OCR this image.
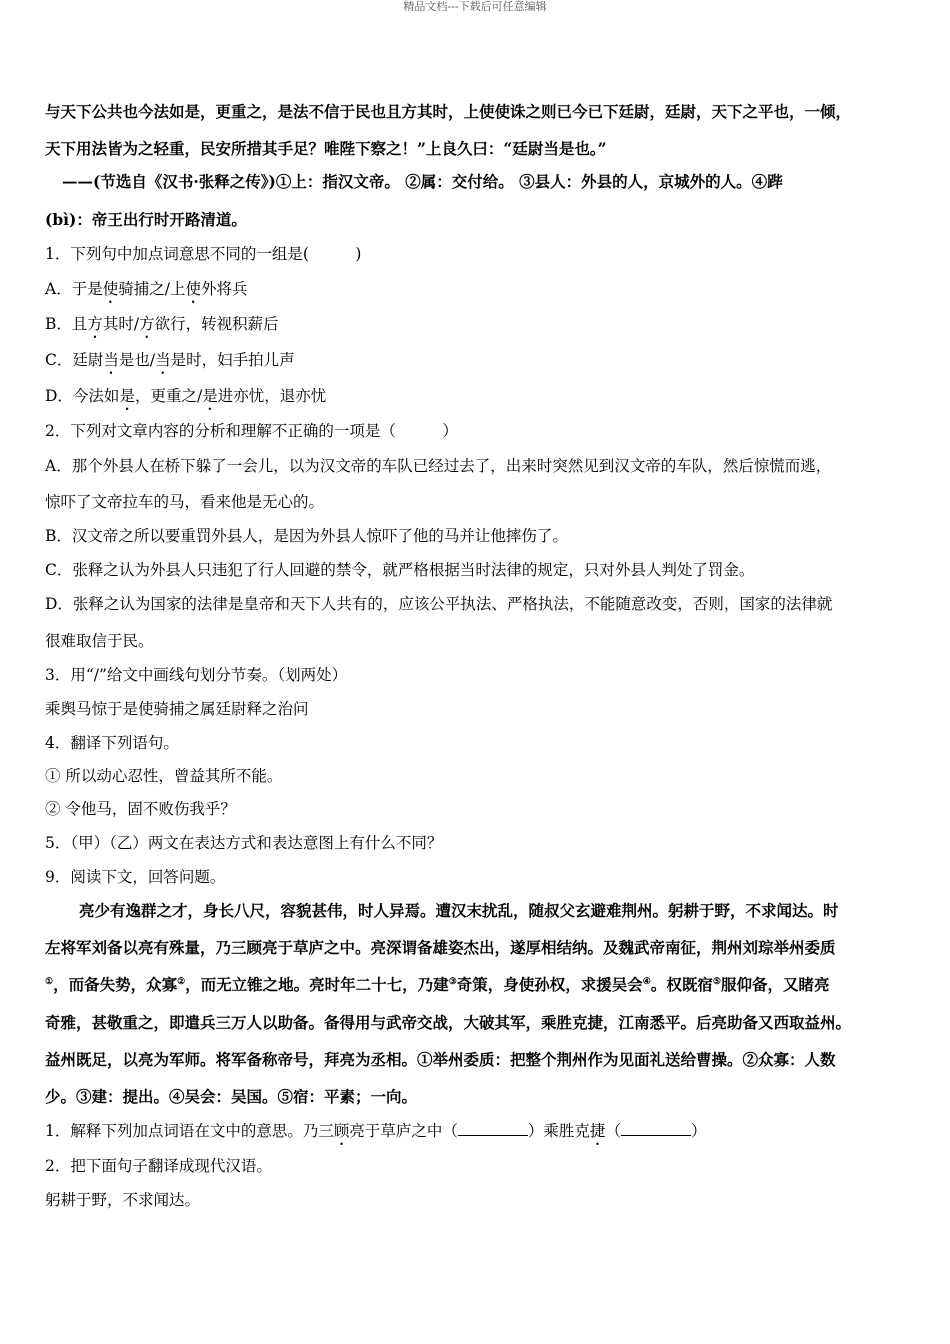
精品文档---下载后可任意编辑
与天下公共也今法如是，更重之，是法不信于民也且方其时，上使使诛之则已今已下廷尉，廷尉，天下之平也，一倾，
天下用法皆为之轻重，民安所措其手足？唯陛下察之！”上良久曰：“廷尉当是也。”
——(节选自《汉书·张释之传》)①上：指汉文帝。 ②属：交付给。 ③县人：外县的人，京城外的人。④跸
(bì)：帝王出行时开路清道。
1．下列句中加点词意思不同的一组是(　　　)
A．于是使骑捕之/上使外将兵
B．且方其时/方欲行，转视积薪后
C．廷尉当是也/当是时，妇手拍儿声
D．今法如是，更重之/是进亦忧，退亦忧
2．下列对文章内容的分析和理解不正确的一项是（　　　）
A．那个外县人在桥下躲了一会儿，以为汉文帝的车队已经过去了，出来时突然见到汉文帝的车队，然后惊慌而逃，
惊吓了文帝拉车的马，看来他是无心的。
B．汉文帝之所以要重罚外县人，是因为外县人惊吓了他的马并让他摔伤了。
C．张释之认为外县人只违犯了行人回避的禁令，就严格根据当时法律的规定，只对外县人判处了罚金。
D．张释之认为国家的法律是皇帝和天下人共有的，应该公平执法、严格执法，不能随意改变，否则，国家的法律就
很难取信于民。
3．用“/”给文中画线句划分节奏。（划两处）
乘舆马惊于是使骑捕之属廷尉释之治问
4．翻译下列语句。
① 所以动心忍性，曾益其所不能。
② 令他马，固不败伤我乎？
5．（甲）（乙）两文在表达方式和表达意图上有什么不同？
9．阅读下文，回答问题。
亮少有逸群之才，身长八尺，容貌甚伟，时人异焉。遭汉末扰乱，随叔父玄避难荆州。躬耕于野，不求闻达。时
左将军刘备以亮有殊量，乃三顾亮于草庐之中。亮深谓备雄姿杰出，遂厚相结纳。及魏武帝南征，荆州刘琮举州委质
①，而备失势，众寡②，而无立锥之地。亮时年二十七，乃建③奇策，身使孙权，求援吴会④。权既宿⑤服仰备，又睹亮
奇雅，甚敬重之，即遣兵三万人以助备。备得用与武帝交战，大破其军，乘胜克捷，江南悉平。后亮助备又西取益州。
益州既足，以亮为军师。将军备称帝号，拜亮为丞相。①举州委质：把整个荆州作为见面礼送给曹操。②众寡：人数
少。③建：提出。④吴会：吴国。⑤宿：平素；一向。
1．解释下列加点词语在文中的意思。乃三顾亮于草庐之中（	）乘胜克捷（	）
2．把下面句子翻译成现代汉语。
躬耕于野，不求闻达。
